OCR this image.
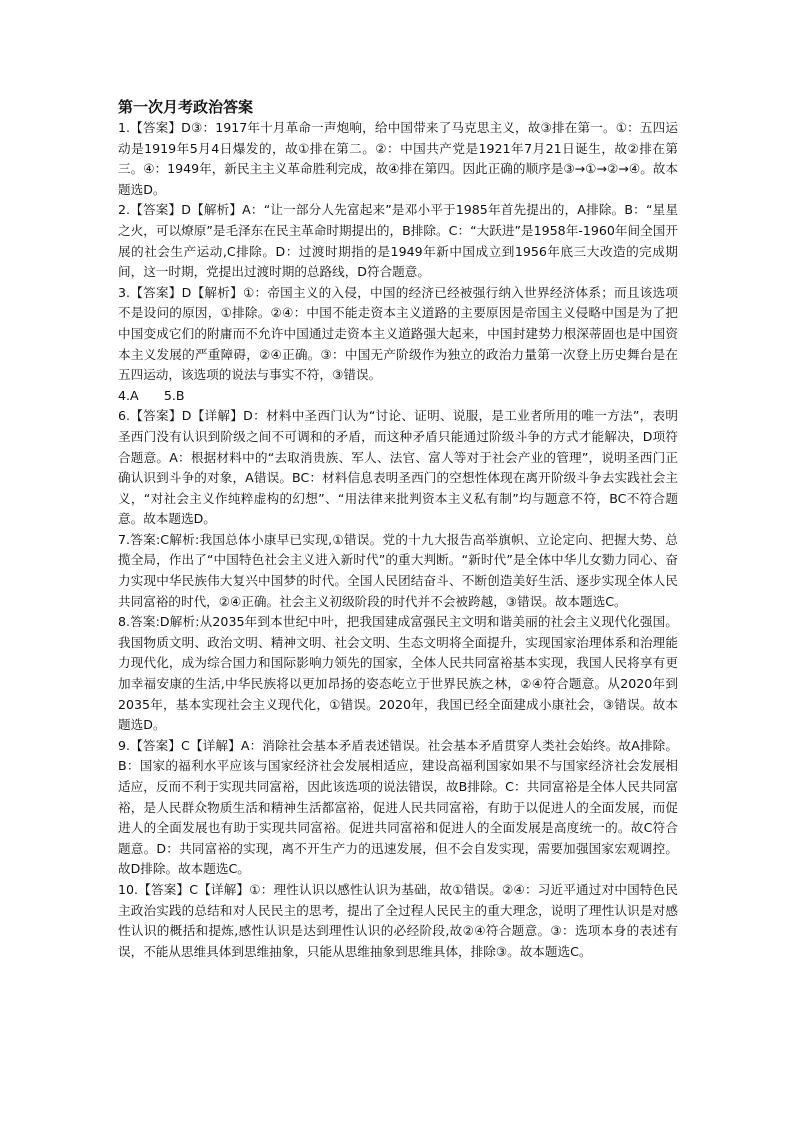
第一次月考政治答案

1.【答案】D③：1917年十月革命一声炮响，给中国带来了马克思主义，故③排在第一。①：五四运动是1919年5月4日爆发的，故①排在第二。②：中国共产党是1921年7月21日诞生，故②排在第三。④：1949年，新民主主义革命胜利完成，故④排在第四。因此正确的顺序是③→①→②→④。故本题选D。

2.【答案】D【解析】A：“让一部分人先富起来”是邓小平于1985年首先提出的，A排除。B：“星星之火，可以燎原”是毛泽东在民主革命时期提出的，B排除。C：“大跃进”是1958年-1960年间全国开展的社会生产运动,C排除。D：过渡时期指的是1949年新中国成立到1956年底三大改造的完成期间，这一时期，党提出过渡时期的总路线，D符合题意。

3.【答案】D【解析】①：帝国主义的入侵，中国的经济已经被强行纳入世界经济体系；而且该选项不是设问的原因，①排除。②④：中国不能走资本主义道路的主要原因是帝国主义侵略中国是为了把中国变成它们的附庸而不允许中国通过走资本主义道路强大起来，中国封建势力根深蒂固也是中国资本主义发展的严重障碍，②④正确。③：中国无产阶级作为独立的政治力量第一次登上历史舞台是在五四运动，该选项的说法与事实不符，③错误。

4.A　　5.B

6.【答案】D【详解】D：材料中圣西门认为“讨论、证明、说服，是工业者所用的唯一方法”，表明圣西门没有认识到阶级之间不可调和的矛盾，而这种矛盾只能通过阶级斗争的方式才能解决，D项符合题意。A：根据材料中的“去取消贵族、军人、法官、富人等对于社会产业的管理”，说明圣西门正确认识到斗争的对象，A错误。BC：材料信息表明圣西门的空想性体现在离开阶级斗争去实践社会主义，“对社会主义作纯粹虚构的幻想”、“用法律来批判资本主义私有制”均与题意不符，BC不符合题意。故本题选D。

7.答案:C解析:我国总体小康早已实现,①错误。党的十九大报告高举旗帜、立论定向、把握大势、总揽全局，作出了“中国特色社会主义进入新时代”的重大判断。“新时代”是全体中华儿女勠力同心、奋力实现中华民族伟大复兴中国梦的时代。全国人民团结奋斗、不断创造美好生活、逐步实现全体人民共同富裕的时代，②④正确。社会主义初级阶段的时代并不会被跨越，③错误。故本题选C。

8.答案:D解析:从2035年到本世纪中叶，把我国建成富强民主文明和谐美丽的社会主义现代化强国。我国物质文明、政治文明、精神文明、社会文明、生态文明将全面提升，实现国家治理体系和治理能力现代化，成为综合国力和国际影响力领先的国家，全体人民共同富裕基本实现，我国人民将享有更加幸福安康的生活,中华民族将以更加昂扬的姿态屹立于世界民族之林，②④符合题意。从2020年到2035年，基本实现社会主义现代化，①错误。2020年，我国已经全面建成小康社会，③错误。故本题选D。

9.【答案】C【详解】A：消除社会基本矛盾表述错误。社会基本矛盾贯穿人类社会始终。故A排除。B：国家的福利水平应该与国家经济社会发展相适应，建设高福利国家如果不与国家经济社会发展相适应，反而不利于实现共同富裕，因此该选项的说法错误，故B排除。C：共同富裕是全体人民共同富裕，是人民群众物质生活和精神生活都富裕，促进人民共同富裕，有助于以促进人的全面发展，而促进人的全面发展也有助于实现共同富裕。促进共同富裕和促进人的全面发展是高度统一的。故C符合题意。D：共同富裕的实现，离不开生产力的迅速发展，但不会自发实现，需要加强国家宏观调控。故D排除。故本题选C。

10.【答案】C【详解】①：理性认识以感性认识为基础，故①错误。②④：习近平通过对中国特色民主政治实践的总结和对人民民主的思考，提出了全过程人民民主的重大理念，说明了理性认识是对感性认识的概括和提炼,感性认识是达到理性认识的必经阶段,故②④符合题意。③：选项本身的表述有误，不能从思维具体到思维抽象，只能从思维抽象到思维具体，排除③。故本题选C。
